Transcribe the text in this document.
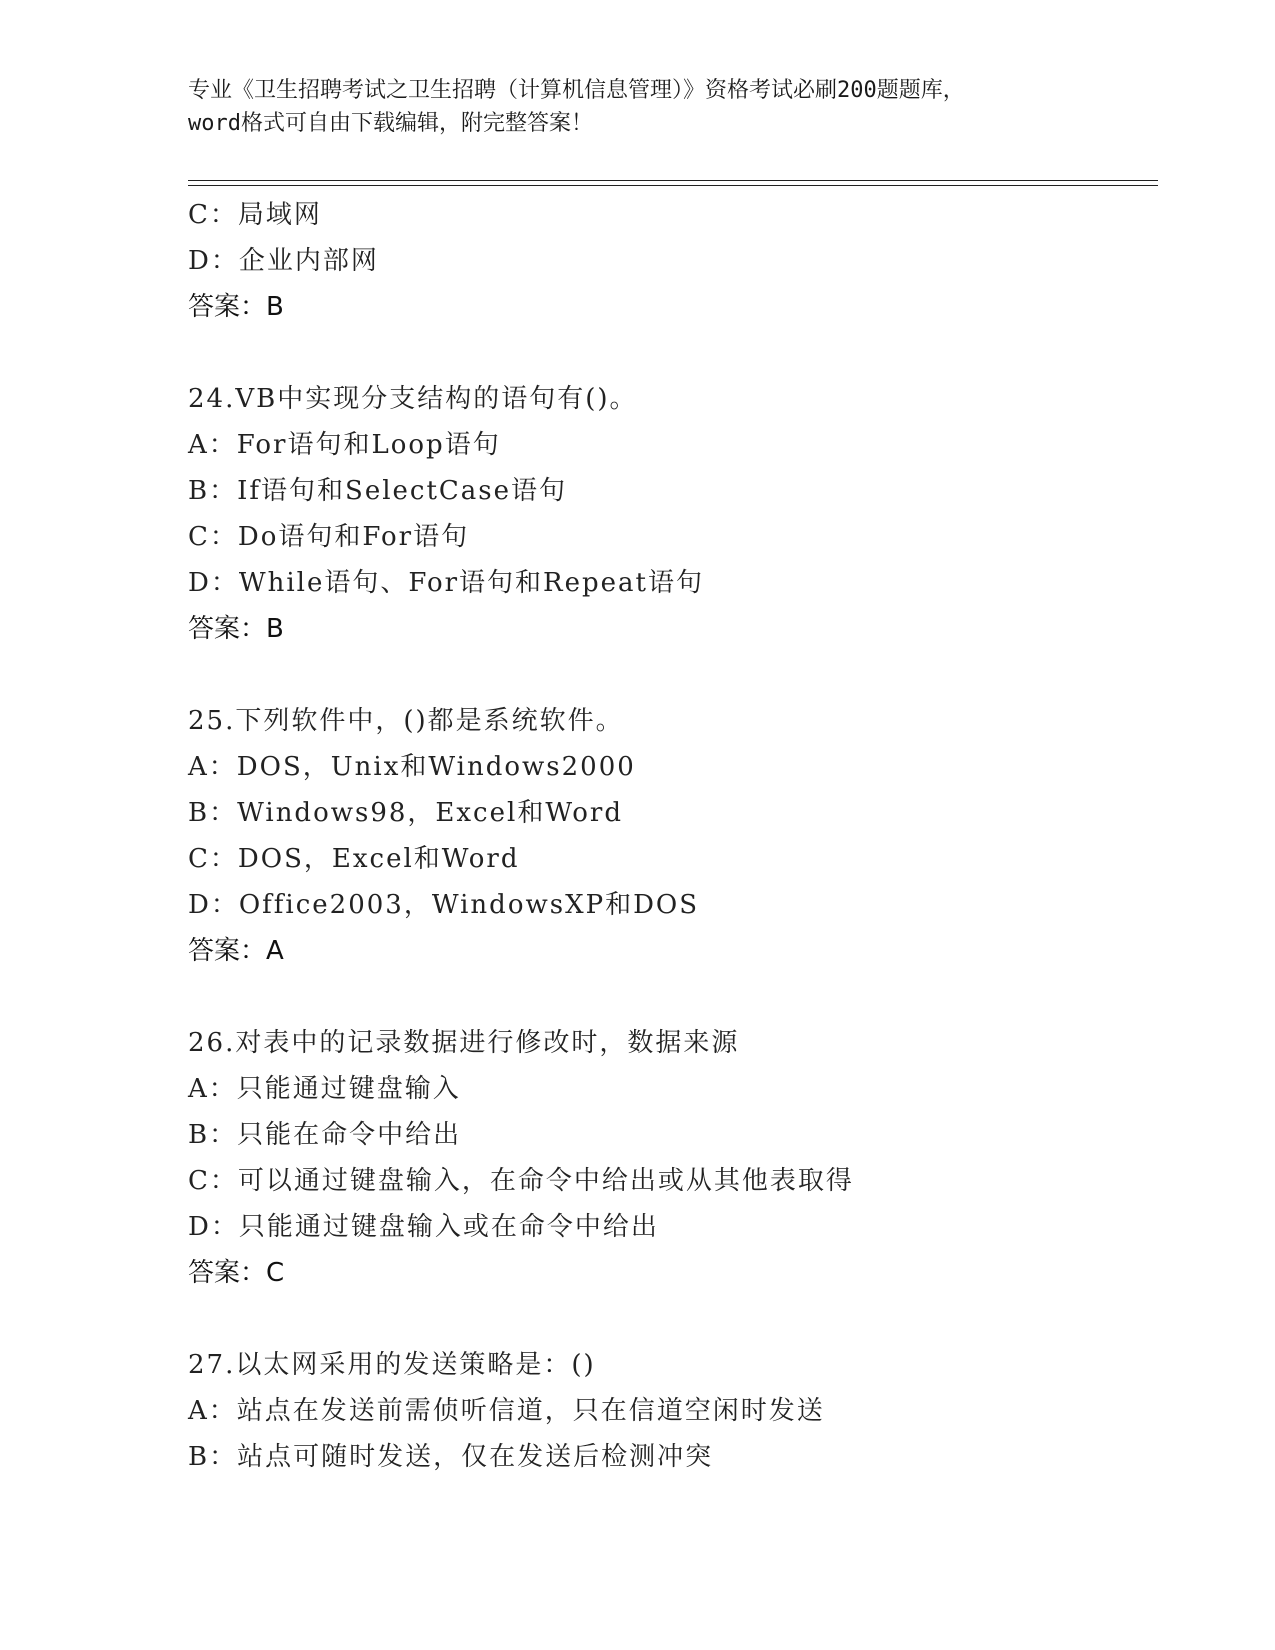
专业《卫生招聘考试之卫生招聘（计算机信息管理）》资格考试必刷200题题库，
word格式可自由下载编辑，附完整答案！
C：局域网
D：企业内部网
答案：B
24.VB中实现分支结构的语句有()。
A：For语句和Loop语句
B：If语句和SelectCase语句
C：Do语句和For语句
D：While语句、For语句和Repeat语句
答案：B
25.下列软件中，()都是系统软件。
A：DOS，Unix和Windows2000
B：Windows98，Excel和Word
C：DOS，Excel和Word
D：Office2003，WindowsXP和DOS
答案：A
26.对表中的记录数据进行修改时，数据来源
A：只能通过键盘输入
B：只能在命令中给出
C：可以通过键盘输入，在命令中给出或从其他表取得
D：只能通过键盘输入或在命令中给出
答案：C
27.以太网采用的发送策略是：()
A：站点在发送前需侦听信道，只在信道空闲时发送
B：站点可随时发送，仅在发送后检测冲突
